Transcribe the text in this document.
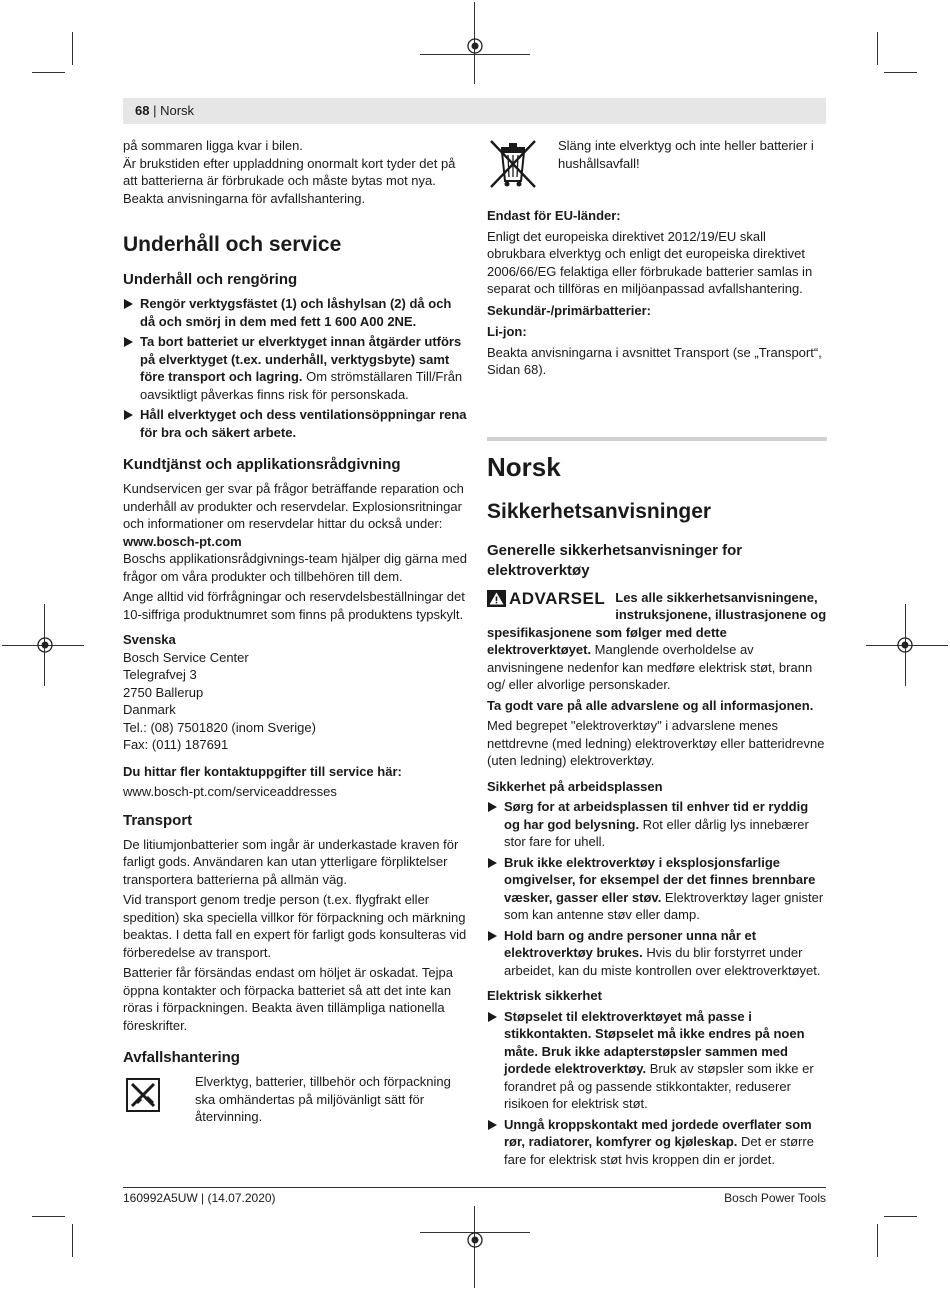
68 | Norsk

på sommaren ligga kvar i bilen.

Är brukstiden efter uppladdning onormalt kort tyder det på att batterierna är förbrukade och måste bytas mot nya.

Beakta anvisningarna för avfallshantering.

Underhåll och service
Underhåll och rengöring
Rengör verktygsfästet (1) och låshylsan (2) då och då och smörj in dem med fett 1 600 A00 2NE.
Ta bort batteriet ur elverktyget innan åtgärder utförs på elverktyget (t.ex. underhåll, verktygsbyte) samt före transport och lagring. Om strömställaren Till/Från oavsiktligt påverkas finns risk för personskada.
Håll elverktyget och dess ventilationsöppningar rena för bra och säkert arbete.
Kundtjänst och applikationsrådgivning

Kundservicen ger svar på frågor beträffande reparation och underhåll av produkter och reservdelar. Explosionsritningar och informationer om reservdelar hittar du också under:

www.bosch-pt.com

Boschs applikationsrådgivnings-team hjälper dig gärna med frågor om våra produkter och tillbehören till dem.

Ange alltid vid förfrågningar och reservdelsbeställningar det 10-siffriga produktnumret som finns på produktens typskylt.

Svenska

Bosch Service Center

Telegrafvej 3

2750 Ballerup

Danmark

Tel.: (08) 7501820 (inom Sverige)

Fax: (011) 187691

Du hittar fler kontaktuppgifter till service här:

www.bosch-pt.com/serviceaddresses

Transport

De litiumjonbatterier som ingår är underkastade kraven för farligt gods. Användaren kan utan ytterligare förpliktelser transportera batterierna på allmän väg.

Vid transport genom tredje person (t.ex. flygfrakt eller spedition) ska speciella villkor för förpackning och märkning beaktas. I detta fall en expert för farligt gods konsulteras vid förberedelse av transport.

Batterier får försändas endast om höljet är oskadat. Tejpa öppna kontakter och förpacka batteriet så att det inte kan röras i förpackningen. Beakta även tillämpliga nationella föreskrifter.

Avfallshantering

Elverktyg, batterier, tillbehör och förpackning ska omhändertas på miljövänligt sätt för återvinning.

Släng inte elverktyg och inte heller batterier i hushållsavfall!

Endast för EU-länder:

Enligt det europeiska direktivet 2012/19/EU skall obrukbara elverktyg och enligt det europeiska direktivet 2006/66/EG felaktiga eller förbrukade batterier samlas in separat och tillföras en miljöanpassad avfallshantering.

Sekundär-/primärbatterier:

Li-jon:

Beakta anvisningarna i avsnittet Transport (se „Transport“, Sidan 68).

Norsk
Sikkerhetsanvisninger
Generelle sikkerhetsanvisninger for elektroverktøy
ADVARSEL Les alle sikkerhetsanvisningene, instruksjonene, illustrasjonene og spesifikasjonene som følger med dette elektroverktøyet. Manglende overholdelse av anvisningene nedenfor kan medføre elektrisk støt, brann og/ eller alvorlige personskader.

Ta godt vare på alle advarslene og all informasjonen.

Med begrepet "elektroverktøy" i advarslene menes nettdrevne (med ledning) elektroverktøy eller batteridrevne (uten ledning) elektroverktøy.

Sikkerhet på arbeidsplassen

Sørg for at arbeidsplassen til enhver tid er ryddig og har god belysning. Rot eller dårlig lys innebærer stor fare for uhell.
Bruk ikke elektroverktøy i eksplosjonsfarlige omgivelser, for eksempel der det finnes brennbare væsker, gasser eller støv. Elektroverktøy lager gnister som kan antenne støv eller damp.
Hold barn og andre personer unna når et elektroverktøy brukes. Hvis du blir forstyrret under arbeidet, kan du miste kontrollen over elektroverktøyet.

Elektrisk sikkerhet

Støpselet til elektroverktøyet må passe i stikkontakten. Støpselet må ikke endres på noen måte. Bruk ikke adapterstøpsler sammen med jordede elektroverktøy. Bruk av støpsler som ikke er forandret på og passende stikkontakter, reduserer risikoen for elektrisk støt.
Unngå kroppskontakt med jordede overflater som rør, radiatorer, komfyrer og kjøleskap. Det er større fare for elektrisk støt hvis kroppen din er jordet.
160992A5UW | (14.07.2020)	Bosch Power Tools
